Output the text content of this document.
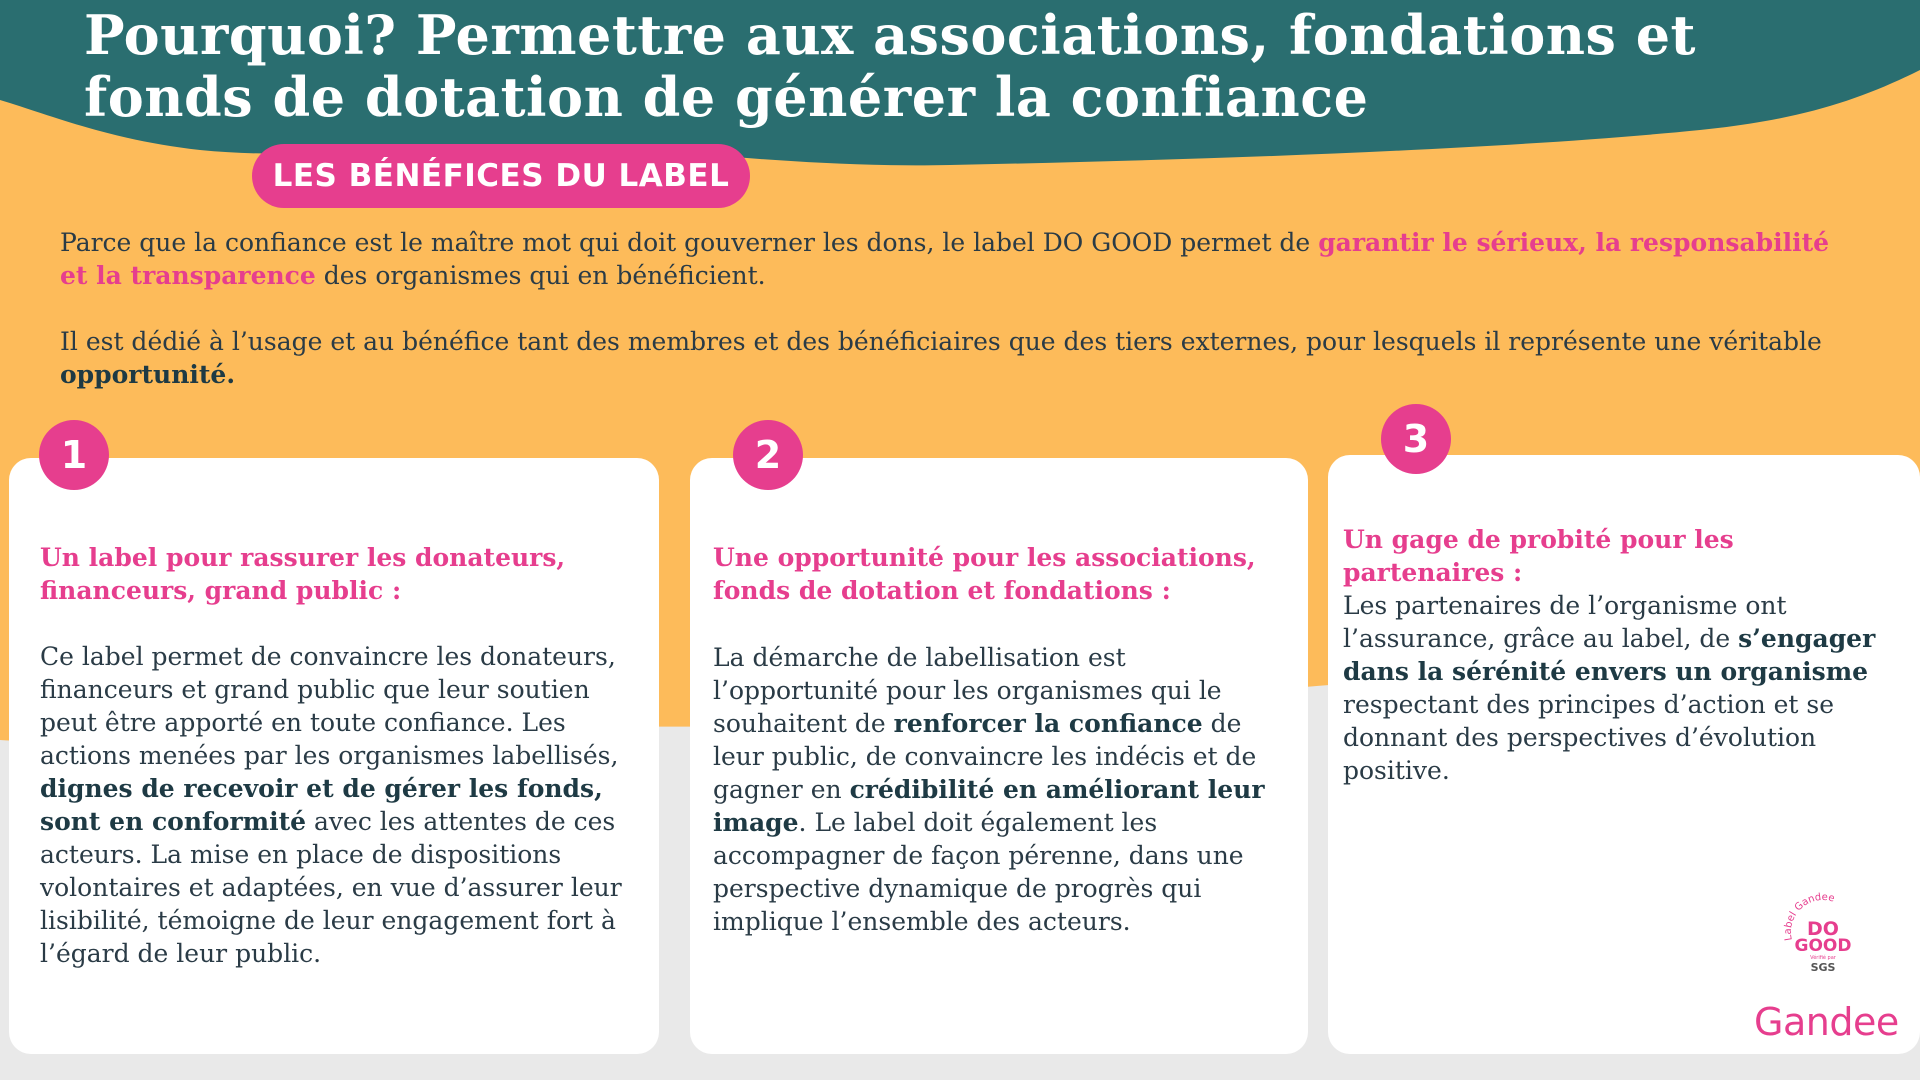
Pourquoi? Permettre aux associations, fondations et fonds de dotation de générer la confiance
LES BÉNÉFICES DU LABEL

Parce que la confiance est le maître mot qui doit gouverner les dons, le label DO GOOD permet de garantir le sérieux, la responsabilité et la transparence des organismes qui en bénéficient.

Il est dédié à l’usage et au bénéfice tant des membres et des bénéficiaires que des tiers externes, pour lesquels il représente une véritable opportunité.

1

Un label pour rassurer les donateurs, financeurs, grand public :

Ce label permet de convaincre les donateurs, financeurs et grand public que leur soutien peut être apporté en toute confiance. Les actions menées par les organismes labellisés, dignes de recevoir et de gérer les fonds, sont en conformité avec les attentes de ces acteurs. La mise en place de dispositions volontaires et adaptées, en vue d’assurer leur lisibilité, témoigne de leur engagement fort à l’égard de leur public.

2

Une opportunité pour les associations, fonds de dotation et fondations :

La démarche de labellisation est l’opportunité pour les organismes qui le souhaitent de renforcer la confiance de leur public, de convaincre les indécis et de gagner en crédibilité en améliorant leur image. Le label doit également les accompagner de façon pérenne, dans une perspective dynamique de progrès qui implique l’ensemble des acteurs.

3

Un gage de probité pour les partenaires :

Les partenaires de l’organisme ont l’assurance, grâce au label, de s’engager dans la sérénité envers un organisme respectant des principes d’action et se donnant des perspectives d’évolution positive.

Label Gandee
DO
GOOD
Vérifié par
SGS
Gandee
